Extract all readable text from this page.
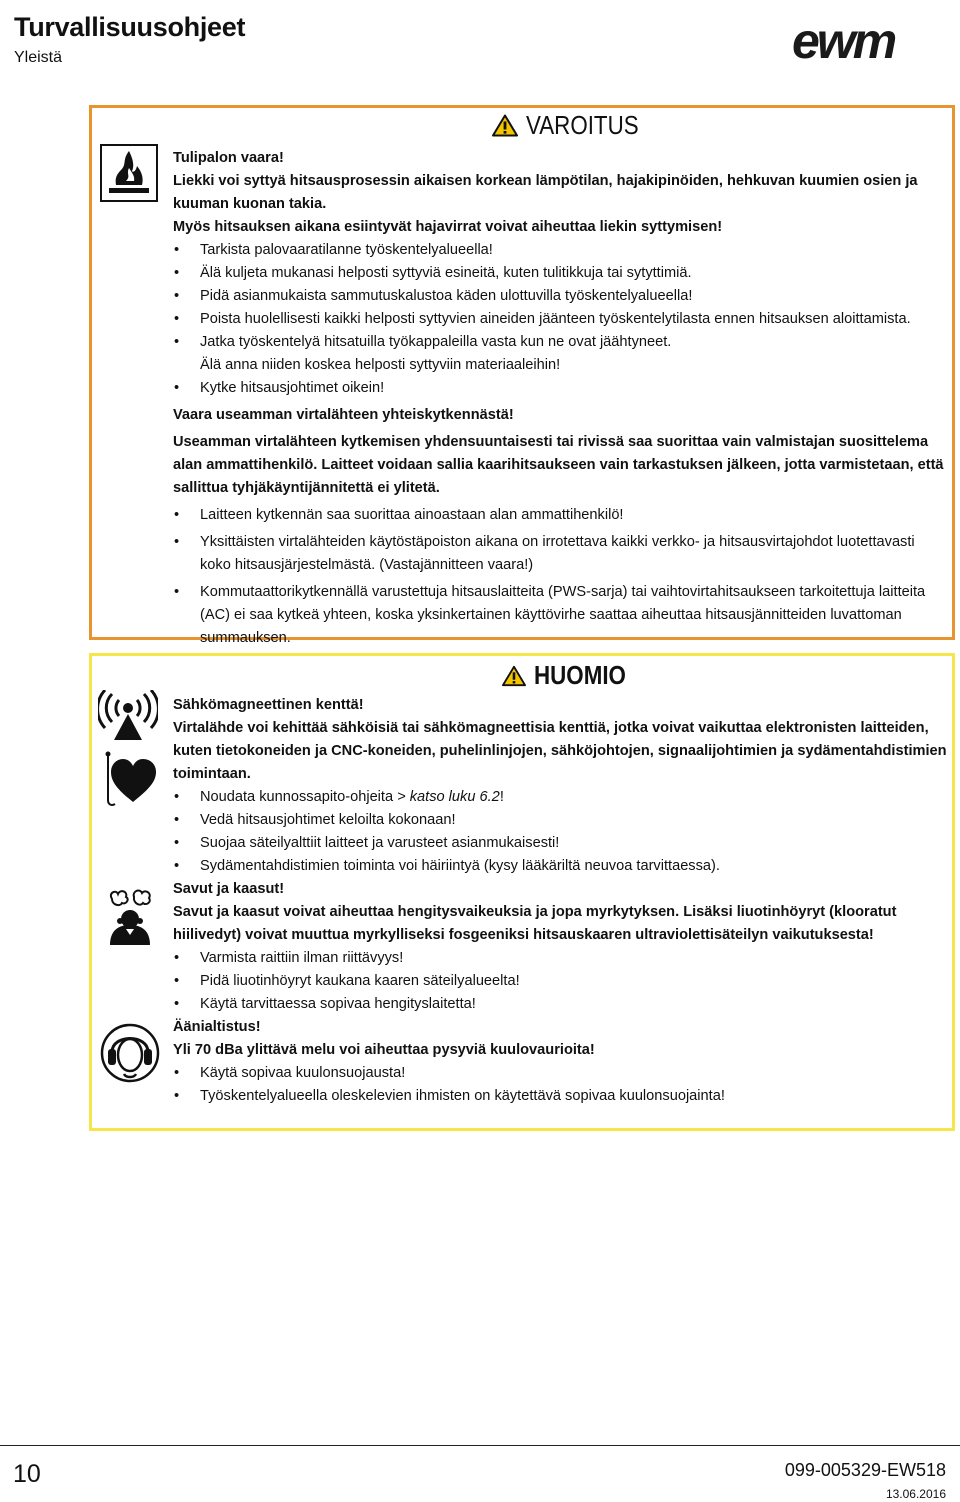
Turvallisuusohjeet
Yleistä	ewm
VAROITUS

Tulipalon vaara!

Liekki voi syttyä hitsausprosessin aikaisen korkean lämpötilan, hajakipinöiden, hehkuvan kuumien osien ja kuuman kuonan takia.

Myös hitsauksen aikana esiintyvät hajavirrat voivat aiheuttaa liekin syttymisen!

• Tarkista palovaaratilanne työskentelyalueella!

• Älä kuljeta mukanasi helposti syttyviä esineitä, kuten tulitikkuja tai sytyttimiä.

• Pidä asianmukaista sammutuskalustoa käden ulottuvilla työskentelyalueella!

• Poista huolellisesti kaikki helposti syttyvien aineiden jäänteen työskentelytilasta ennen hitsauksen aloittamista.

• Jatka työskentelyä hitsatuilla työkappaleilla vasta kun ne ovat jäähtyneet.

Älä anna niiden koskea helposti syttyviin materiaaleihin!

• Kytke hitsausjohtimet oikein!

Vaara useamman virtalähteen yhteiskytkennästä!

Useamman virtalähteen kytkemisen yhdensuuntaisesti tai rivissä saa suorittaa vain valmistajan suosittelema alan ammattihenkilö. Laitteet voidaan sallia kaarihitsaukseen vain tarkastuksen jälkeen, jotta varmistetaan, että sallittua tyhjäkäyntijännitettä ei ylitetä.

• Laitteen kytkennän saa suorittaa ainoastaan alan ammattihenkilö!

• Yksittäisten virtalähteiden käytöstäpoiston aikana on irrotettava kaikki verkko- ja hitsausvirtajohdot luotettavasti koko hitsausjärjestelmästä. (Vastajännitteen vaara!)

• Kommutaattorikytkennällä varustettuja hitsauslaitteita (PWS-sarja) tai vaihtovirtahitsaukseen tarkoitettuja laitteita (AC) ei saa kytkeä yhteen, koska yksinkertainen käyttövirhe saattaa aiheuttaa hitsausjännitteiden luvattoman summauksen.

HUOMIO

Sähkömagneettinen kenttä!

Virtalähde voi kehittää sähköisiä tai sähkömagneettisia kenttiä, jotka voivat vaikuttaa elektronisten laitteiden, kuten tietokoneiden ja CNC-koneiden, puhelinlinjojen, sähköjohtojen, signaalijohtimien ja sydämentahdistimien toimintaan.

• Noudata kunnossapito-ohjeita > katso luku 6.2!

• Vedä hitsausjohtimet keloilta kokonaan!

• Suojaa säteilyalttiit laitteet ja varusteet asianmukaisesti!

• Sydämentahdistimien toiminta voi häiriintyä (kysy lääkäriltä neuvoa tarvittaessa).

Savut ja kaasut!

Savut ja kaasut voivat aiheuttaa hengitysvaikeuksia ja jopa myrkytyksen. Lisäksi liuotinhöyryt (klooratut hiilivedyt) voivat muuttua myrkylliseksi fosgeeniksi hitsauskaaren ultraviolettisäteilyn vaikutuksesta!

• Varmista raittiin ilman riittävyys!

• Pidä liuotinhöyryt kaukana kaaren säteilyalueelta!

• Käytä tarvittaessa sopivaa hengityslaitetta!

Äänialtistus!

Yli 70 dBa ylittävä melu voi aiheuttaa pysyviä kuulovaurioita!

• Käytä sopivaa kuulonsuojausta!

• Työskentelyalueella oleskelevien ihmisten on käytettävä sopivaa kuulonsuojainta!

10	099-005329-EW518
13.06.2016
